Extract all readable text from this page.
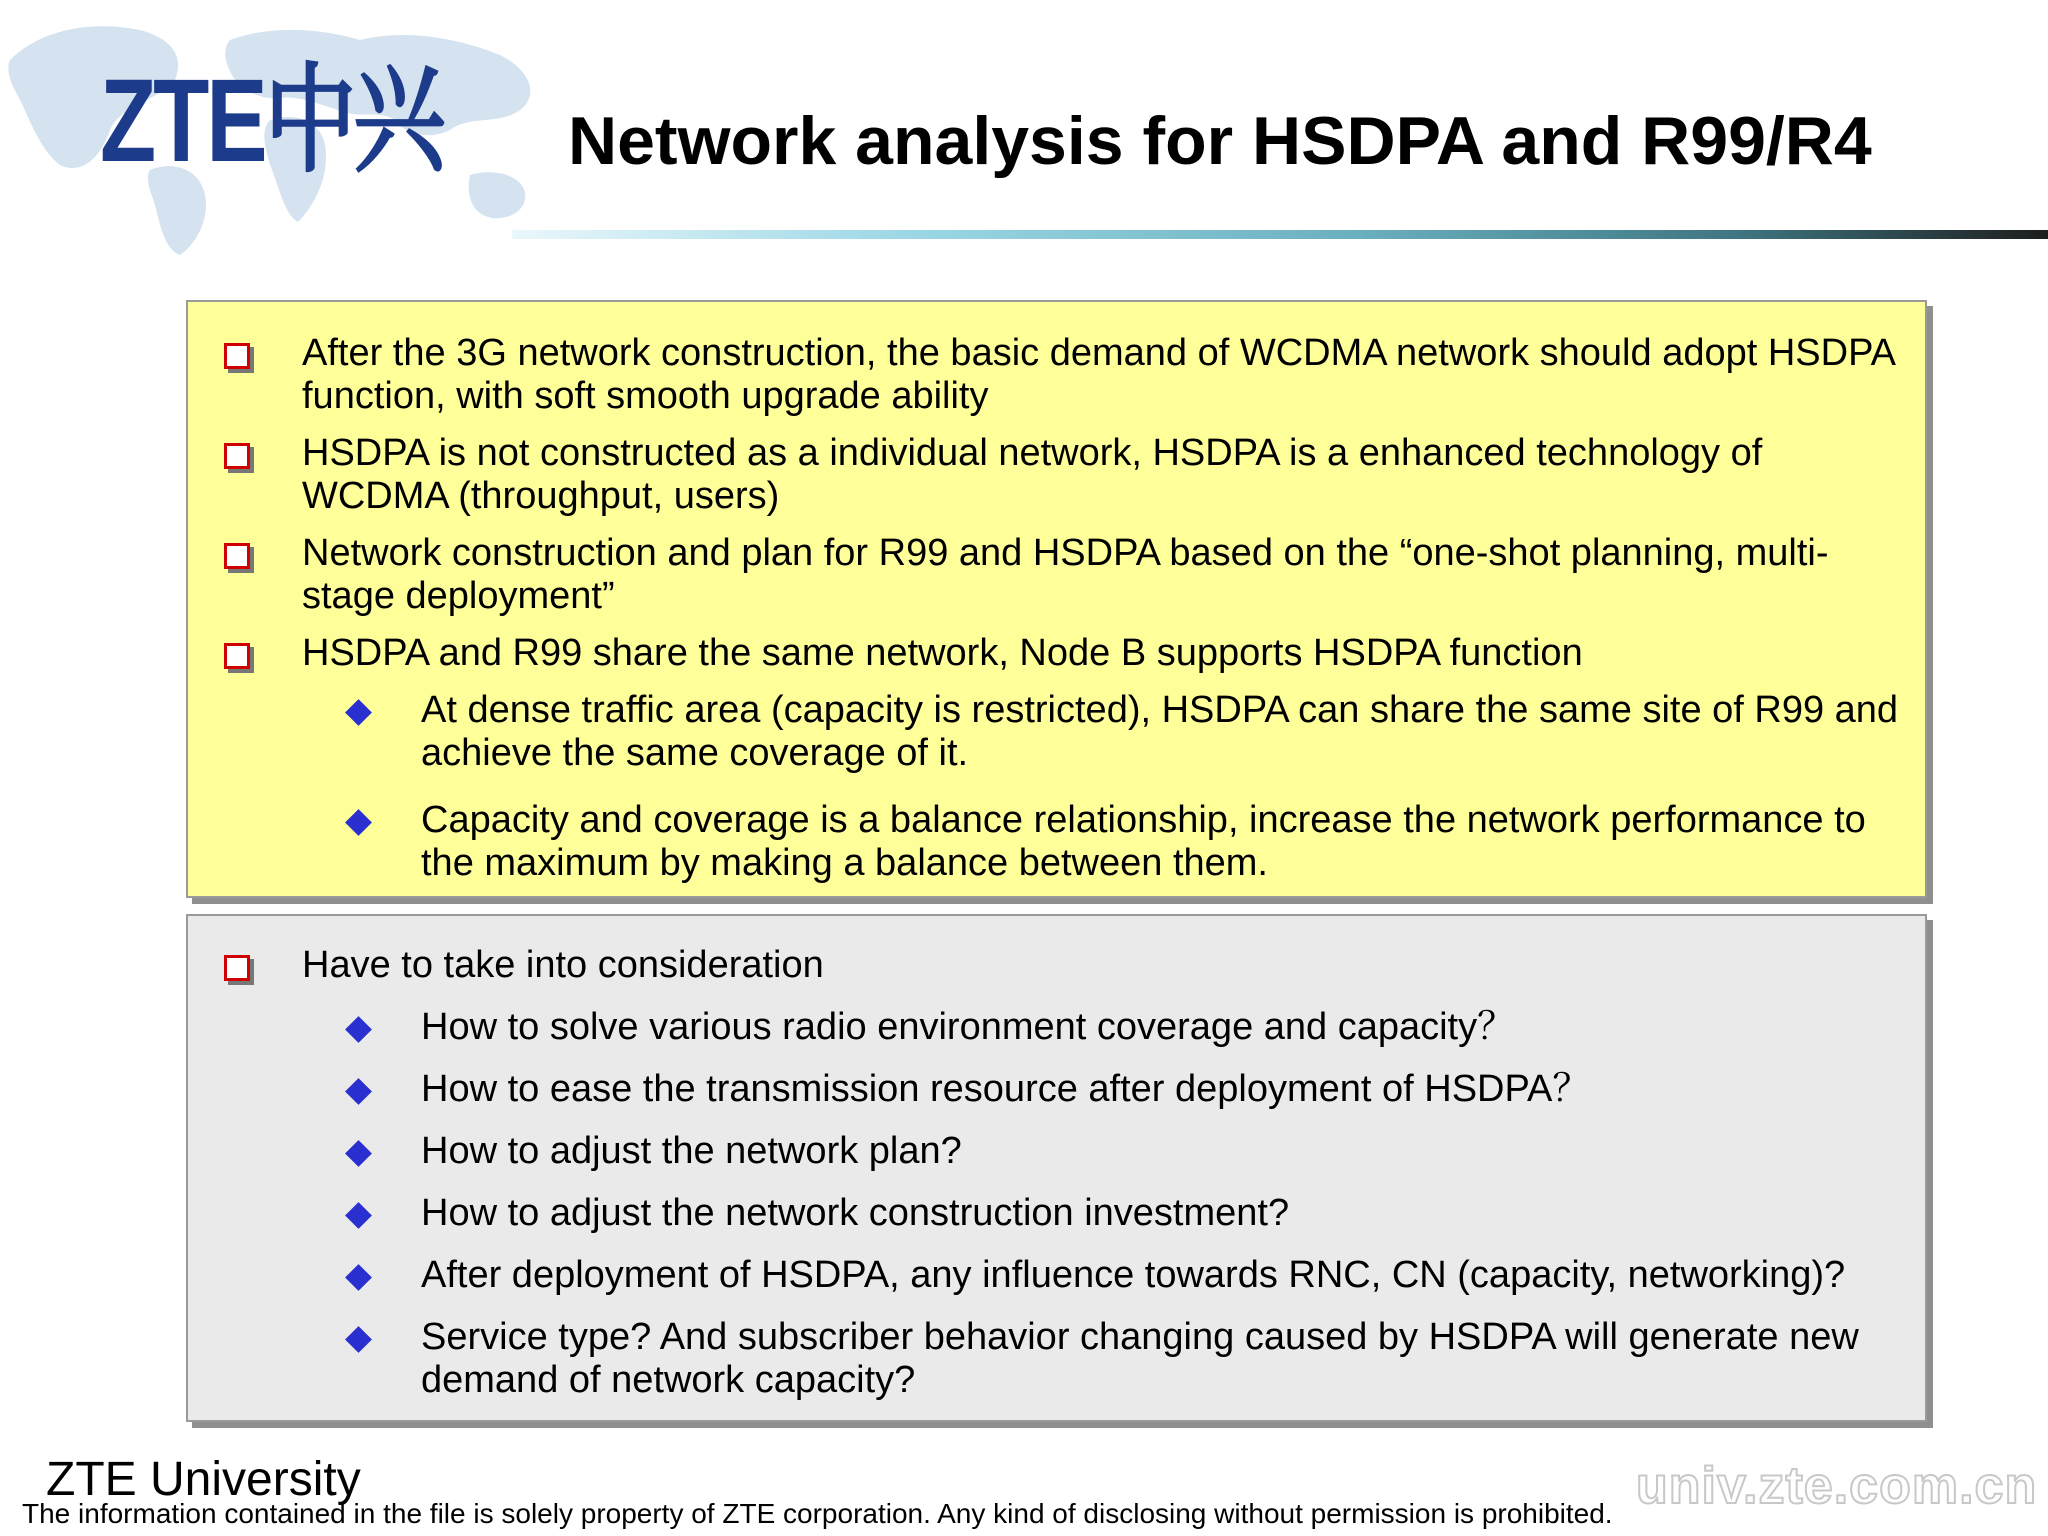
ZTE中兴 Network analysis for HSDPA and R99/R4
After the 3G network construction, the basic demand of WCDMA network should adopt HSDPA function, with soft smooth upgrade ability
HSDPA is not constructed as a individual network, HSDPA is a enhanced technology of WCDMA (throughput, users)
Network construction and plan for R99 and HSDPA based on the “one-shot planning, multi-stage deployment”
HSDPA and R99 share the same network, Node B supports HSDPA function
At dense traffic area (capacity is restricted), HSDPA can share the same site of R99 and achieve the same coverage of it.
Capacity and coverage is a balance relationship, increase the network performance to the maximum by making a balance between them.
Have to take into consideration
How to solve various radio environment coverage and capacity？
How to ease the transmission resource after deployment of HSDPA？
How to adjust the network plan?
How to adjust the network construction investment?
After deployment of HSDPA, any influence towards RNC, CN (capacity, networking)?
Service type? And subscriber behavior changing caused by HSDPA will generate new demand of network capacity?
ZTE University
The information contained in the file is solely property of ZTE corporation. Any kind of disclosing without permission is prohibited. univ.zte.com.cn
